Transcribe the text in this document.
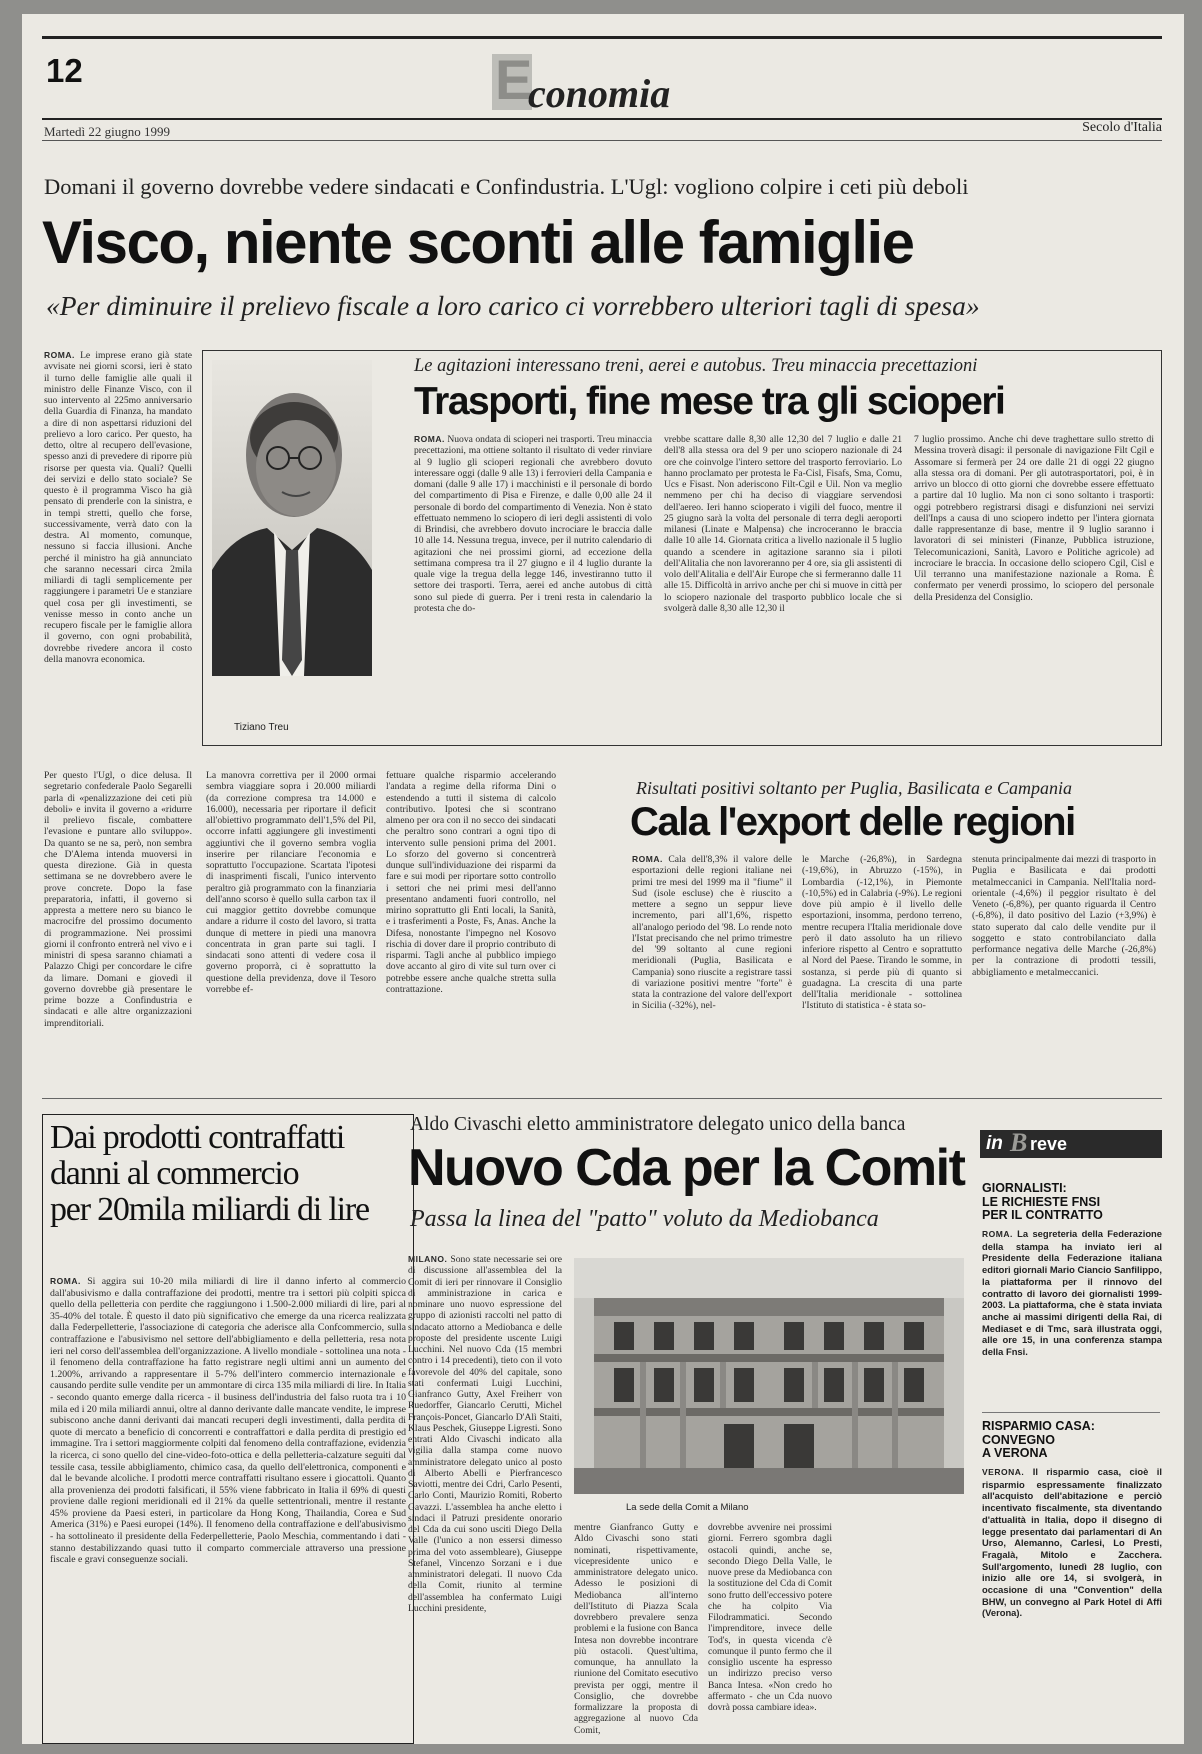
12	E
conomia
Martedì 22 giugno 1999	Secolo d'Italia
Domani il governo dovrebbe vedere sindacati e Confindustria. L'Ugl: vogliono colpire i ceti più deboli
Visco, niente sconti alle famiglie
«Per diminuire il prelievo fiscale a loro carico ci vorrebbero ulteriori tagli di spesa»

ROMA. Le imprese erano già state avvisate nei giorni scorsi, ieri è stato il turno delle famiglie alle quali il ministro delle Finanze Visco, con il suo intervento al 225mo anniversario della Guardia di Finanza, ha mandato a dire di non aspettarsi riduzioni del prelievo a loro carico. Per questo, ha detto, oltre al recupero dell'evasione, spesso anzi di prevedere di riporre più risorse per questa via. Quali? Quelli dei servizi e dello stato sociale? Se questo è il programma Visco ha già pensato di prenderle con la sinistra, e in tempi stretti, quello che forse, successivamente, verrà dato con la destra. Al momento, comunque, nessuno si faccia illusioni. Anche perché il ministro ha già annunciato che saranno necessari circa 2mila miliardi di tagli semplicemente per raggiungere i parametri Ue e stanziare quel cosa per gli investimenti, se venisse messo in conto anche un recupero fiscale per le famiglie allora il governo, con ogni probabilità, dovrebbe rivedere ancora il costo della manovra economica.

Per questo l'Ugl, o dice delusa. Il segretario confederale Paolo Segarelli parla di «penalizzazione dei ceti più deboli» e invita il governo a «ridurre il prelievo fiscale, combattere l'evasione e puntare allo sviluppo». Da quanto se ne sa, però, non sembra che D'Alema intenda muoversi in questa direzione. Già in questa settimana se ne dovrebbero avere le prove concrete. Dopo la fase preparatoria, infatti, il governo si appresta a mettere nero su bianco le macrocifre del prossimo documento di programmazione. Nei prossimi giorni il confronto entrerà nel vivo e i ministri di spesa saranno chiamati a Palazzo Chigi per concordare le cifre da limare. Domani e giovedì il governo dovrebbe già presentare le prime bozze a Confindustria e sindacati e alle altre organizzazioni imprenditoriali.

La manovra correttiva per il 2000 ormai sembra viaggiare sopra i 20.000 miliardi (da correzione compresa tra 14.000 e 16.000), necessaria per riportare il deficit all'obiettivo programmato dell'1,5% del Pil, occorre infatti aggiungere gli investimenti aggiuntivi che il governo sembra voglia inserire per rilanciare l'economia e soprattutto l'occupazione. Scartata l'ipotesi di inasprimenti fiscali, l'unico intervento peraltro già programmato con la finanziaria dell'anno scorso è quello sulla carbon tax il cui maggior gettito dovrebbe comunque andare a ridurre il costo del lavoro, si tratta dunque di mettere in piedi una manovra concentrata in gran parte sui tagli. I sindacati sono attenti di vedere cosa il governo proporrà, ci è soprattutto la questione della previdenza, dove il Tesoro vorrebbe ef-

fettuare qualche risparmio accelerando l'andata a regime della riforma Dini o estendendo a tutti il sistema di calcolo contributivo. Ipotesi che si scontrano almeno per ora con il no secco dei sindacati che peraltro sono contrari a ogni tipo di intervento sulle pensioni prima del 2001. Lo sforzo del governo si concentrerà dunque sull'individuazione dei risparmi da fare e sui modi per riportare sotto controllo i settori che nei primi mesi dell'anno presentano andamenti fuori controllo, nel mirino soprattutto gli Enti locali, la Sanità, e i trasferimenti a Poste, Fs, Anas. Anche la Difesa, nonostante l'impegno nel Kosovo rischia di dover dare il proprio contributo di risparmi. Tagli anche al pubblico impiego dove accanto al giro di vite sul turn over ci potrebbe essere anche qualche stretta sulla contrattazione.

Tiziano Treu
Le agitazioni interessano treni, aerei e autobus. Treu minaccia precettazioni
Trasporti, fine mese tra gli scioperi

ROMA. Nuova ondata di scioperi nei trasporti. Treu minaccia precettazioni, ma ottiene soltanto il risultato di veder rinviare al 9 luglio gli scioperi regionali che avrebbero dovuto interessare oggi (dalle 9 alle 13) i ferrovieri della Campania e domani (dalle 9 alle 17) i macchinisti e il personale di bordo del compartimento di Pisa e Firenze, e dalle 0,00 alle 24 il personale di bordo del compartimento di Venezia. Non è stato effettuato nemmeno lo sciopero di ieri degli assistenti di volo di Brindisi, che avrebbero dovuto incrociare le braccia dalle 10 alle 14. Nessuna tregua, invece, per il nutrito calendario di agitazioni che nei prossimi giorni, ad eccezione della settimana compresa tra il 27 giugno e il 4 luglio durante la quale vige la tregua della legge 146, investiranno tutto il settore dei trasporti. Terra, aerei ed anche autobus di città sono sul piede di guerra. Per i treni resta in calendario la protesta che do-

vrebbe scattare dalle 8,30 alle 12,30 del 7 luglio e dalle 21 dell'8 alla stessa ora del 9 per uno sciopero nazionale di 24 ore che coinvolge l'intero settore del trasporto ferroviario. Lo hanno proclamato per protesta le Fa-Cisl, Fisafs, Sma, Comu, Ucs e Fisast. Non aderiscono Filt-Cgil e Uil. Non va meglio nemmeno per chi ha deciso di viaggiare servendosi dell'aereo. Ieri hanno scioperato i vigili del fuoco, mentre il 25 giugno sarà la volta del personale di terra degli aeroporti milanesi (Linate e Malpensa) che incroceranno le braccia dalle 10 alle 14. Giornata critica a livello nazionale il 5 luglio quando a scendere in agitazione saranno sia i piloti dell'Alitalia che non lavoreranno per 4 ore, sia gli assistenti di volo dell'Alitalia e dell'Air Europe che si fermeranno dalle 11 alle 15. Difficoltà in arrivo anche per chi si muove in città per lo sciopero nazionale del trasporto pubblico locale che si svolgerà dalle 8,30 alle 12,30 il

7 luglio prossimo. Anche chi deve traghettare sullo stretto di Messina troverà disagi: il personale di navigazione Filt Cgil e Assomare si fermerà per 24 ore dalle 21 di oggi 22 giugno alla stessa ora di domani. Per gli autotrasportatori, poi, è in arrivo un blocco di otto giorni che dovrebbe essere effettuato a partire dal 10 luglio. Ma non ci sono soltanto i trasporti: oggi potrebbero registrarsi disagi e disfunzioni nei servizi dell'Inps a causa di uno sciopero indetto per l'intera giornata dalle rappresentanze di base, mentre il 9 luglio saranno i lavoratori di sei ministeri (Finanze, Pubblica istruzione, Telecomunicazioni, Sanità, Lavoro e Politiche agricole) ad incrociare le braccia. In occasione dello sciopero Cgil, Cisl e Uil terranno una manifestazione nazionale a Roma. È confermato per venerdì prossimo, lo sciopero del personale della Presidenza del Consiglio.

Risultati positivi soltanto per Puglia, Basilicata e Campania
Cala l'export delle regioni

ROMA. Cala dell'8,3% il valore delle esportazioni delle regioni italiane nei primi tre mesi del 1999 ma il "fiume" il Sud (isole escluse) che è riuscito a mettere a segno un seppur lieve incremento, pari all'1,6%, rispetto all'analogo periodo del '98. Lo rende noto l'Istat precisando che nel primo trimestre del '99 soltanto al cune regioni meridionali (Puglia, Basilicata e Campania) sono riuscite a registrare tassi di variazione positivi mentre "forte" è stata la contrazione del valore dell'export in Sicilia (-32%), nel-

le Marche (-26,8%), in Sardegna (-19,6%), in Abruzzo (-15%), in Lombardia (-12,1%), in Piemonte (-10,5%) ed in Calabria (-9%). Le regioni dove più ampio è il livello delle esportazioni, insomma, perdono terreno, mentre recupera l'Italia meridionale dove però il dato assoluto ha un rilievo inferiore rispetto al Centro e soprattutto al Nord del Paese. Tirando le somme, in sostanza, si perde più di quanto si guadagna. La crescita di una parte dell'Italia meridionale - sottolinea l'Istituto di statistica - è stata so-

stenuta principalmente dai mezzi di trasporto in Puglia e Basilicata e dai prodotti metalmeccanici in Campania. Nell'Italia nord-orientale (-4,6%) il peggior risultato è del Veneto (-6,8%), per quanto riguarda il Centro (-6,8%), il dato positivo del Lazio (+3,9%) è stato superato dal calo delle vendite pur il soggetto e stato controbilanciato dalla performance negativa delle Marche (-26,8%) per la contrazione di prodotti tessili, abbigliamento e metalmeccanici.

Dai prodotti contraffatti
danni al commercio
per 20mila miliardi di lire

ROMA. Si aggira sui 10-20 mila miliardi di lire il danno inferto al commercio dall'abusivismo e dalla contraffazione dei prodotti, mentre tra i settori più colpiti spicca quello della pelletteria con perdite che raggiungono i 1.500-2.000 miliardi di lire, pari al 35-40% del totale. È questo il dato più significativo che emerge da una ricerca realizzata dalla Federpelletterie, l'associazione di categoria che aderisce alla Confcommercio, sulla contraffazione e l'abusivismo nel settore dell'abbigliamento e della pelletteria, resa nota ieri nel corso dell'assemblea dell'organizzazione. A livello mondiale - sottolinea una nota - il fenomeno della contraffazione ha fatto registrare negli ultimi anni un aumento del 1.200%, arrivando a rappresentare il 5-7% dell'intero commercio internazionale e causando perdite sulle vendite per un ammontare di circa 135 mila miliardi di lire. In Italia - secondo quanto emerge dalla ricerca - il business dell'industria del falso ruota tra i 10 mila ed i 20 mila miliardi annui, oltre al danno derivante dalle mancate vendite, le imprese subiscono anche danni derivanti dai mancati recuperi degli investimenti, dalla perdita di quote di mercato a beneficio di concorrenti e contraffattori e dalla perdita di prestigio ed immagine. Tra i settori maggiormente colpiti dal fenomeno della contraffazione, evidenzia la ricerca, ci sono quello del cine-video-foto-ottica e della pelletteria-calzature seguiti dal tessile casa, tessile abbigliamento, chimico casa, da quello dell'elettronica, componenti e dal le bevande alcoliche. I prodotti merce contraffatti risultano essere i giocattoli. Quanto alla provenienza dei prodotti falsificati, il 55% viene fabbricato in Italia il 69% di questi proviene dalle regioni meridionali ed il 21% da quelle settentrionali, mentre il restante 45% proviene da Paesi esteri, in particolare da Hong Kong, Thailandia, Corea e Sud America (31%) e Paesi europei (14%). Il fenomeno della contraffazione e dell'abusivismo - ha sottolineato il presidente della Federpelletterie, Paolo Meschia, commentando i dati - stanno destabilizzando quasi tutto il comparto commerciale attraverso una pressione fiscale e gravi conseguenze sociali.

Aldo Civaschi eletto amministratore delegato unico della banca
Nuovo Cda per la Comit
Passa la linea del "patto" voluto da Mediobanca

MILANO. Sono state necessarie sei ore di discussione all'assemblea del la Comit di ieri per rinnovare il Consiglio di amministrazione in carica e nominare uno nuovo espressione del gruppo di azionisti raccolti nel patto di sindacato attorno a Mediobanca e delle proposte del presidente uscente Luigi Lucchini. Nel nuovo Cda (15 membri contro i 14 precedenti), tieto con il voto favorevole del 40% del capitale, sono stati confermati Luigi Lucchini, Gianfranco Gutty, Axel Freiherr von Ruedorffer, Giancarlo Cerutti, Michel François-Poncet, Giancarlo D'Alì Staiti, Klaus Peschek, Giuseppe Ligresti. Sono entrati Aldo Civaschi indicato alla vigilia dalla stampa come nuovo amministratore delegato unico al posto di Alberto Abelli e Pierfrancesco Saviotti, mentre dei Cdri, Carlo Pesenti, Carlo Conti, Maurizio Romiti, Roberto Gavazzi. L'assemblea ha anche eletto i sindaci il Patruzi presidente onorario del Cda da cui sono usciti Diego Della Valle (l'unico a non essersi dimesso prima del voto assembleare), Giuseppe Stefanel, Vincenzo Sorzani e i due amministratori delegati. Il nuovo Cda della Comit, riunito al termine dell'assemblea ha confermato Luigi Lucchini presidente,

La sede della Comit a Milano

mentre Gianfranco Gutty e Aldo Civaschi sono stati nominati, rispettivamente, vicepresidente unico e amministratore delegato unico. Adesso le posizioni di Mediobanca all'interno dell'Istituto di Piazza Scala dovrebbero prevalere senza problemi e la fusione con Banca Intesa non dovrebbe incontrare più ostacoli. Quest'ultima, comunque, ha annullato la riunione del Comitato esecutivo prevista per oggi, mentre il Consiglio, che dovrebbe formalizzare la proposta di aggregazione al nuovo Cda Comit,

dovrebbe avvenire nei prossimi giorni. Ferrero sgombra dagli ostacoli quindi, anche se, secondo Diego Della Valle, le nuove prese da Mediobanca con la sostituzione del Cda di Comit sono frutto dell'eccessivo potere che ha colpito Via Filodrammatici. Secondo l'imprenditore, invece delle Tod's, in questa vicenda c'è comunque il punto fermo che il consiglio uscente ha espresso un indirizzo preciso verso Banca Intesa. «Non credo ho affermato - che un Cda nuovo dovrà possa cambiare idea».

in B reve
GIORNALISTI:
LE RICHIESTE FNSI
PER IL CONTRATTO
ROMA. La segreteria della Federazione della stampa ha inviato ieri al Presidente della Federazione italiana editori giornali Mario Ciancio Sanfilippo, la piattaforma per il rinnovo del contratto di lavoro dei giornalisti 1999-2003. La piattaforma, che è stata inviata anche ai massimi dirigenti della Rai, di Mediaset e di Tmc, sarà illustrata oggi, alle ore 15, in una conferenza stampa della Fnsi.
RISPARMIO CASA:
CONVEGNO
A VERONA
VERONA. Il risparmio casa, cioè il risparmio espressamente finalizzato all'acquisto dell'abitazione e perciò incentivato fiscalmente, sta diventando d'attualità in Italia, dopo il disegno di legge presentato dai parlamentari di An Urso, Alemanno, Carlesi, Lo Presti, Fragalà, Mitolo e Zacchera. Sull'argomento, lunedì 28 luglio, con inizio alle ore 14, si svolgerà, in occasione di una "Convention" della BHW, un convegno al Park Hotel di Affi (Verona).
